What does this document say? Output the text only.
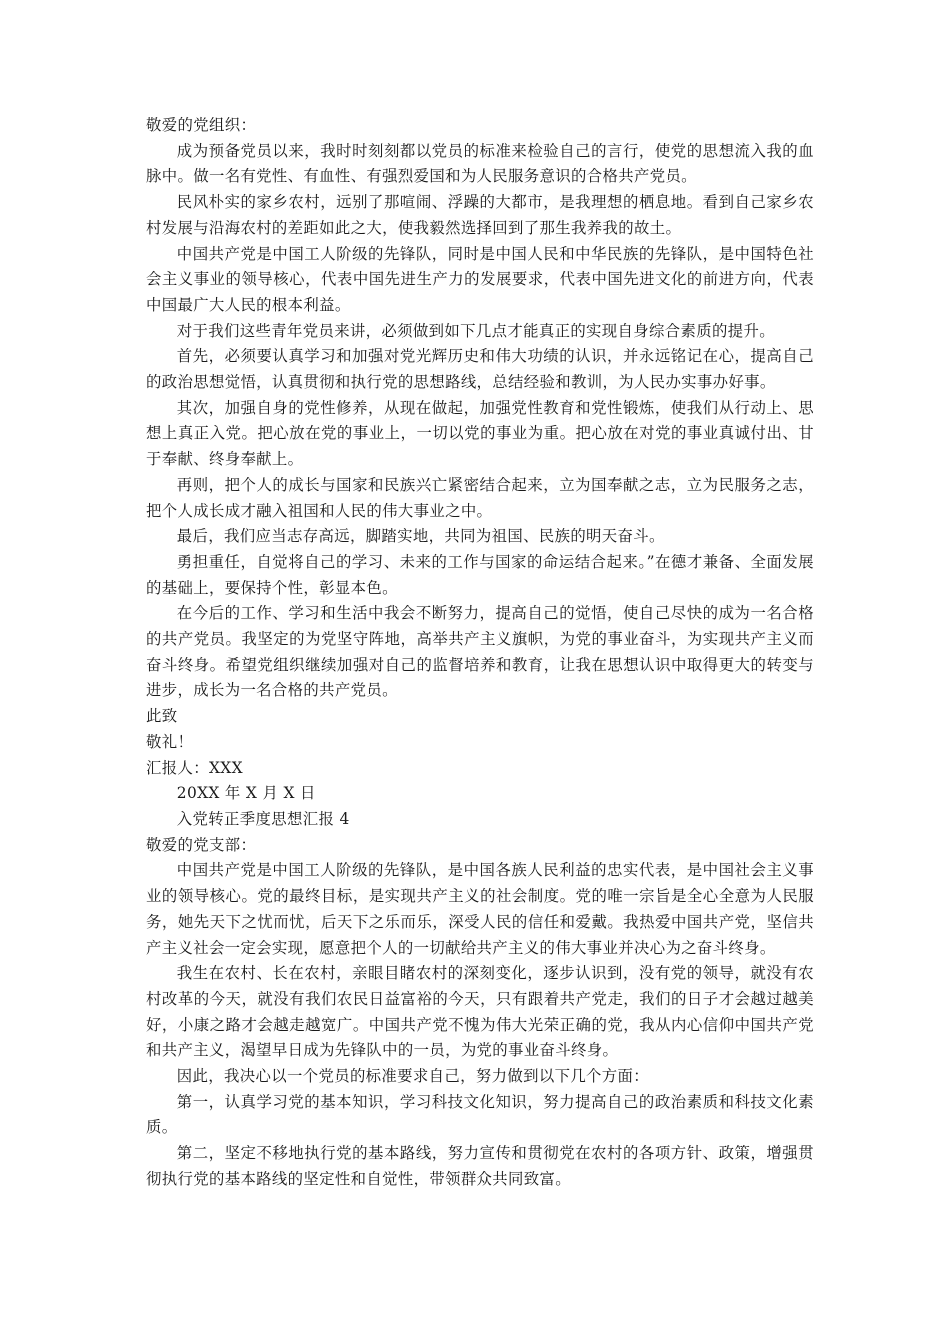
敬爱的党组织：

成为预备党员以来，我时时刻刻都以党员的标准来检验自己的言行，使党的思想流入我的血脉中。做一名有党性、有血性、有强烈爱国和为人民服务意识的合格共产党员。

民风朴实的家乡农村，远别了那喧闹、浮躁的大都市，是我理想的栖息地。看到自己家乡农村发展与沿海农村的差距如此之大，使我毅然选择回到了那生我养我的故土。

中国共产党是中国工人阶级的先锋队，同时是中国人民和中华民族的先锋队，是中国特色社会主义事业的领导核心，代表中国先进生产力的发展要求，代表中国先进文化的前进方向，代表中国最广大人民的根本利益。

对于我们这些青年党员来讲，必须做到如下几点才能真正的实现自身综合素质的提升。

首先，必须要认真学习和加强对党光辉历史和伟大功绩的认识，并永远铭记在心，提高自己的政治思想觉悟，认真贯彻和执行党的思想路线，总结经验和教训，为人民办实事办好事。

其次，加强自身的党性修养，从现在做起，加强党性教育和党性锻炼，使我们从行动上、思想上真正入党。把心放在党的事业上，一切以党的事业为重。把心放在对党的事业真诚付出、甘于奉献、终身奉献上。

再则，把个人的成长与国家和民族兴亡紧密结合起来，立为国奉献之志，立为民服务之志，把个人成长成才融入祖国和人民的伟大事业之中。

最后，我们应当志存高远，脚踏实地，共同为祖国、民族的明天奋斗。

勇担重任，自觉将自己的学习、未来的工作与国家的命运结合起来。”在德才兼备、全面发展的基础上，要保持个性，彰显本色。

在今后的工作、学习和生活中我会不断努力，提高自己的觉悟，使自己尽快的成为一名合格的共产党员。我坚定的为党坚守阵地，高举共产主义旗帜，为党的事业奋斗，为实现共产主义而奋斗终身。希望党组织继续加强对自己的监督培养和教育，让我在思想认识中取得更大的转变与进步，成长为一名合格的共产党员。

此致

敬礼！

汇报人：XXX

20XX 年 X 月 X 日

入党转正季度思想汇报 4

敬爱的党支部：

中国共产党是中国工人阶级的先锋队，是中国各族人民利益的忠实代表，是中国社会主义事业的领导核心。党的最终目标，是实现共产主义的社会制度。党的唯一宗旨是全心全意为人民服务，她先天下之忧而忧，后天下之乐而乐，深受人民的信任和爱戴。我热爱中国共产党，坚信共产主义社会一定会实现，愿意把个人的一切献给共产主义的伟大事业并决心为之奋斗终身。

我生在农村、长在农村，亲眼目睹农村的深刻变化，逐步认识到，没有党的领导，就没有农村改革的今天，就没有我们农民日益富裕的今天，只有跟着共产党走，我们的日子才会越过越美好，小康之路才会越走越宽广。中国共产党不愧为伟大光荣正确的党，我从内心信仰中国共产党和共产主义，渴望早日成为先锋队中的一员，为党的事业奋斗终身。

因此，我决心以一个党员的标准要求自己，努力做到以下几个方面：

第一，认真学习党的基本知识，学习科技文化知识，努力提高自己的政治素质和科技文化素质。

第二，坚定不移地执行党的基本路线，努力宣传和贯彻党在农村的各项方针、政策，增强贯彻执行党的基本路线的坚定性和自觉性，带领群众共同致富。
